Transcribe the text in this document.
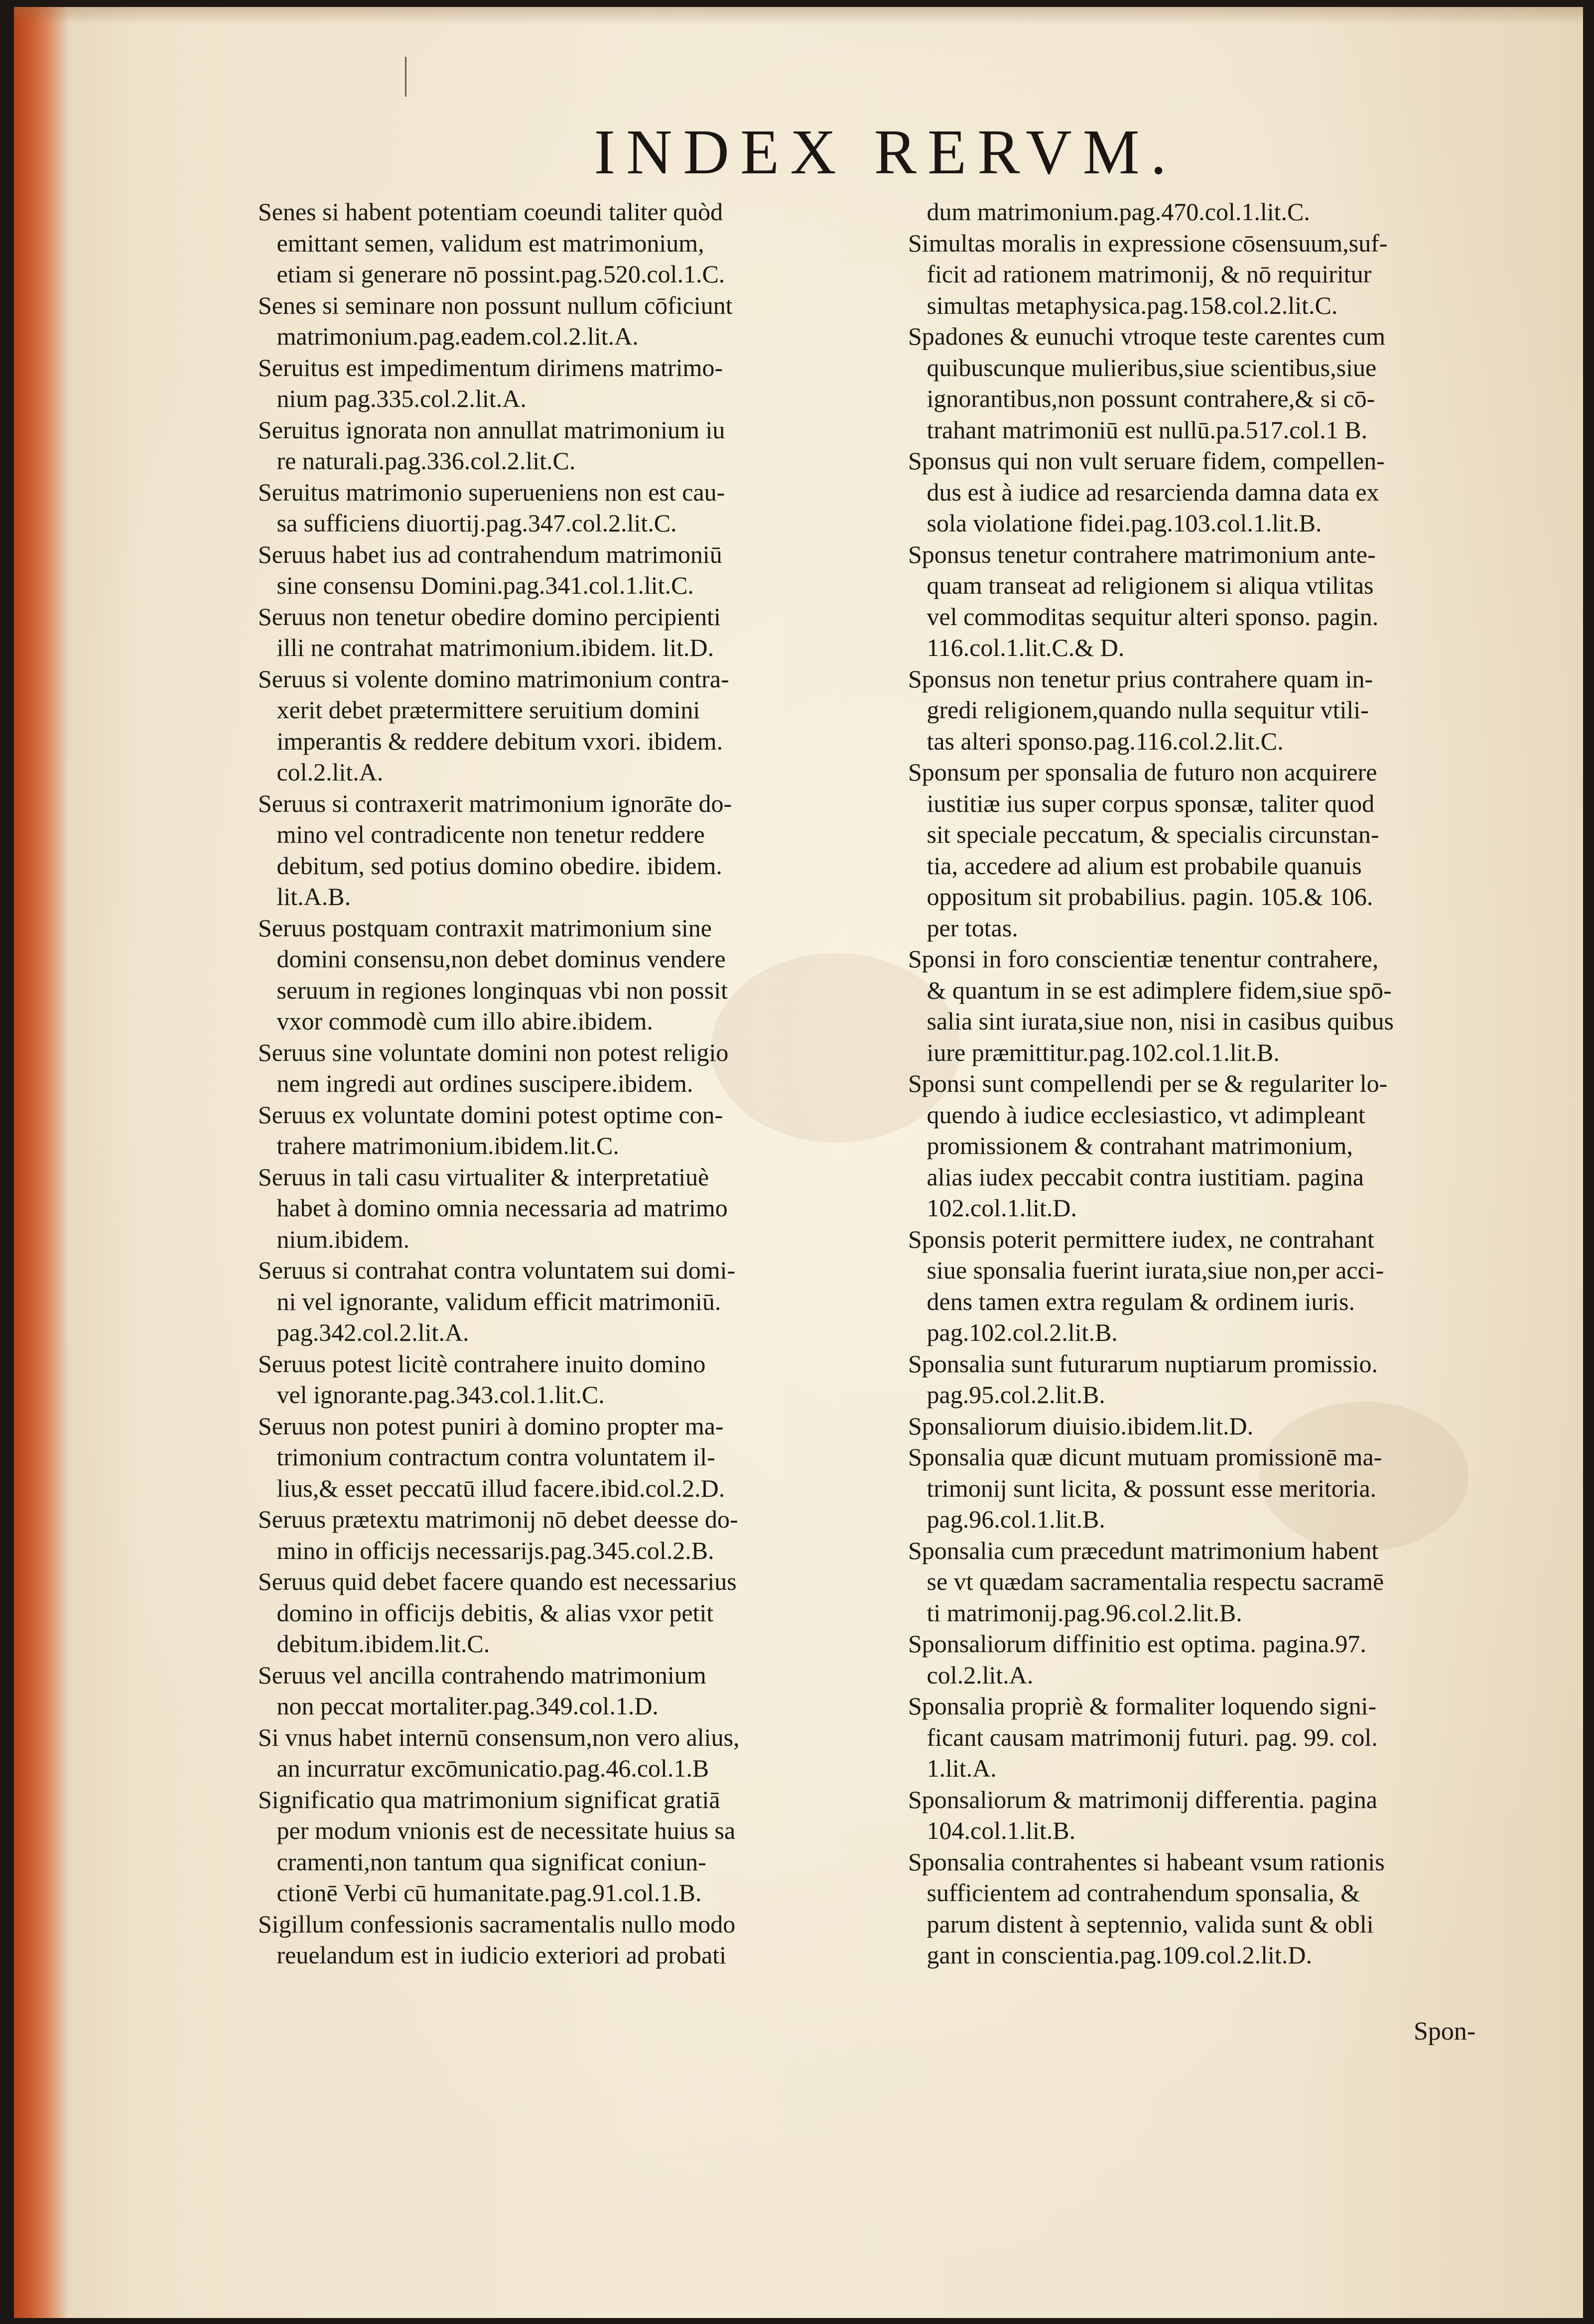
INDEX RERVM.
Senes si habent potentiam coeundi taliter quòd
emittant semen, validum est matrimonium,
etiam si generare nō possint.pag.520.col.1.C.
Senes si seminare non possunt nullum cōficiunt
matrimonium.pag.eadem.col.2.lit.A.
Seruitus est impedimentum dirimens matrimo-
nium pag.335.col.2.lit.A.
Seruitus ignorata non annullat matrimonium iu
re naturali.pag.336.col.2.lit.C.
Seruitus matrimonio superueniens non est cau-
sa sufficiens diuortij.pag.347.col.2.lit.C.
Seruus habet ius ad contrahendum matrimoniū
sine consensu Domini.pag.341.col.1.lit.C.
Seruus non tenetur obedire domino percipienti
illi ne contrahat matrimonium.ibidem. lit.D.
Seruus si volente domino matrimonium contra-
xerit debet prætermittere seruitium domini
imperantis & reddere debitum vxori. ibidem.
col.2.lit.A.
Seruus si contraxerit matrimonium ignorāte do-
mino vel contradicente non tenetur reddere
debitum, sed potius domino obedire. ibidem.
lit.A.B.
Seruus postquam contraxit matrimonium sine
domini consensu,non debet dominus vendere
seruum in regiones longinquas vbi non possit
vxor commodè cum illo abire.ibidem.
Seruus sine voluntate domini non potest religio
nem ingredi aut ordines suscipere.ibidem.
Seruus ex voluntate domini potest optime con-
trahere matrimonium.ibidem.lit.C.
Seruus in tali casu virtualiter & interpretatiuè
habet à domino omnia necessaria ad matrimo
nium.ibidem.
Seruus si contrahat contra voluntatem sui domi-
ni vel ignorante, validum efficit matrimoniū.
pag.342.col.2.lit.A.
Seruus potest licitè contrahere inuito domino
vel ignorante.pag.343.col.1.lit.C.
Seruus non potest puniri à domino propter ma-
trimonium contractum contra voluntatem il-
lius,& esset peccatū illud facere.ibid.col.2.D.
Seruus prætextu matrimonij nō debet deesse do-
mino in officijs necessarijs.pag.345.col.2.B.
Seruus quid debet facere quando est necessarius
domino in officijs debitis, & alias vxor petit
debitum.ibidem.lit.C.
Seruus vel ancilla contrahendo matrimonium
non peccat mortaliter.pag.349.col.1.D.
Si vnus habet internū consensum,non vero alius,
an incurratur excōmunicatio.pag.46.col.1.B
Significatio qua matrimonium significat gratiā
per modum vnionis est de necessitate huius sa
cramenti,non tantum qua significat coniun-
ctionē Verbi cū humanitate.pag.91.col.1.B.
Sigillum confessionis sacramentalis nullo modo
reuelandum est in iudicio exteriori ad probati
dum matrimonium.pag.470.col.1.lit.C.
Simultas moralis in expressione cōsensuum,suf-
ficit ad rationem matrimonij, & nō requiritur
simultas metaphysica.pag.158.col.2.lit.C.
Spadones & eunuchi vtroque teste carentes cum
quibuscunque mulieribus,siue scientibus,siue
ignorantibus,non possunt contrahere,& si cō-
trahant matrimoniū est nullū.pa.517.col.1 B.
Sponsus qui non vult seruare fidem, compellen-
dus est à iudice ad resarcienda damna data ex
sola violatione fidei.pag.103.col.1.lit.B.
Sponsus tenetur contrahere matrimonium ante-
quam transeat ad religionem si aliqua vtilitas
vel commoditas sequitur alteri sponso. pagin.
116.col.1.lit.C.& D.
Sponsus non tenetur prius contrahere quam in-
gredi religionem,quando nulla sequitur vtili-
tas alteri sponso.pag.116.col.2.lit.C.
Sponsum per sponsalia de futuro non acquirere
iustitiæ ius super corpus sponsæ, taliter quod
sit speciale peccatum, & specialis circunstan-
tia, accedere ad alium est probabile quanuis
oppositum sit probabilius. pagin. 105.& 106.
per totas.
Sponsi in foro conscientiæ tenentur contrahere,
& quantum in se est adimplere fidem,siue spō-
salia sint iurata,siue non, nisi in casibus quibus
iure præmittitur.pag.102.col.1.lit.B.
Sponsi sunt compellendi per se & regulariter lo-
quendo à iudice ecclesiastico, vt adimpleant
promissionem & contrahant matrimonium,
alias iudex peccabit contra iustitiam. pagina
102.col.1.lit.D.
Sponsis poterit permittere iudex, ne contrahant
siue sponsalia fuerint iurata,siue non,per acci-
dens tamen extra regulam & ordinem iuris.
pag.102.col.2.lit.B.
Sponsalia sunt futurarum nuptiarum promissio.
pag.95.col.2.lit.B.
Sponsaliorum diuisio.ibidem.lit.D.
Sponsalia quæ dicunt mutuam promissionē ma-
trimonij sunt licita, & possunt esse meritoria.
pag.96.col.1.lit.B.
Sponsalia cum præcedunt matrimonium habent
se vt quædam sacramentalia respectu sacramē
ti matrimonij.pag.96.col.2.lit.B.
Sponsaliorum diffinitio est optima. pagina.97.
col.2.lit.A.
Sponsalia propriè & formaliter loquendo signi-
ficant causam matrimonij futuri. pag. 99. col.
1.lit.A.
Sponsaliorum & matrimonij differentia. pagina
104.col.1.lit.B.
Sponsalia contrahentes si habeant vsum rationis
sufficientem ad contrahendum sponsalia, &
parum distent à septennio, valida sunt & obli
gant in conscientia.pag.109.col.2.lit.D.
Spon-
